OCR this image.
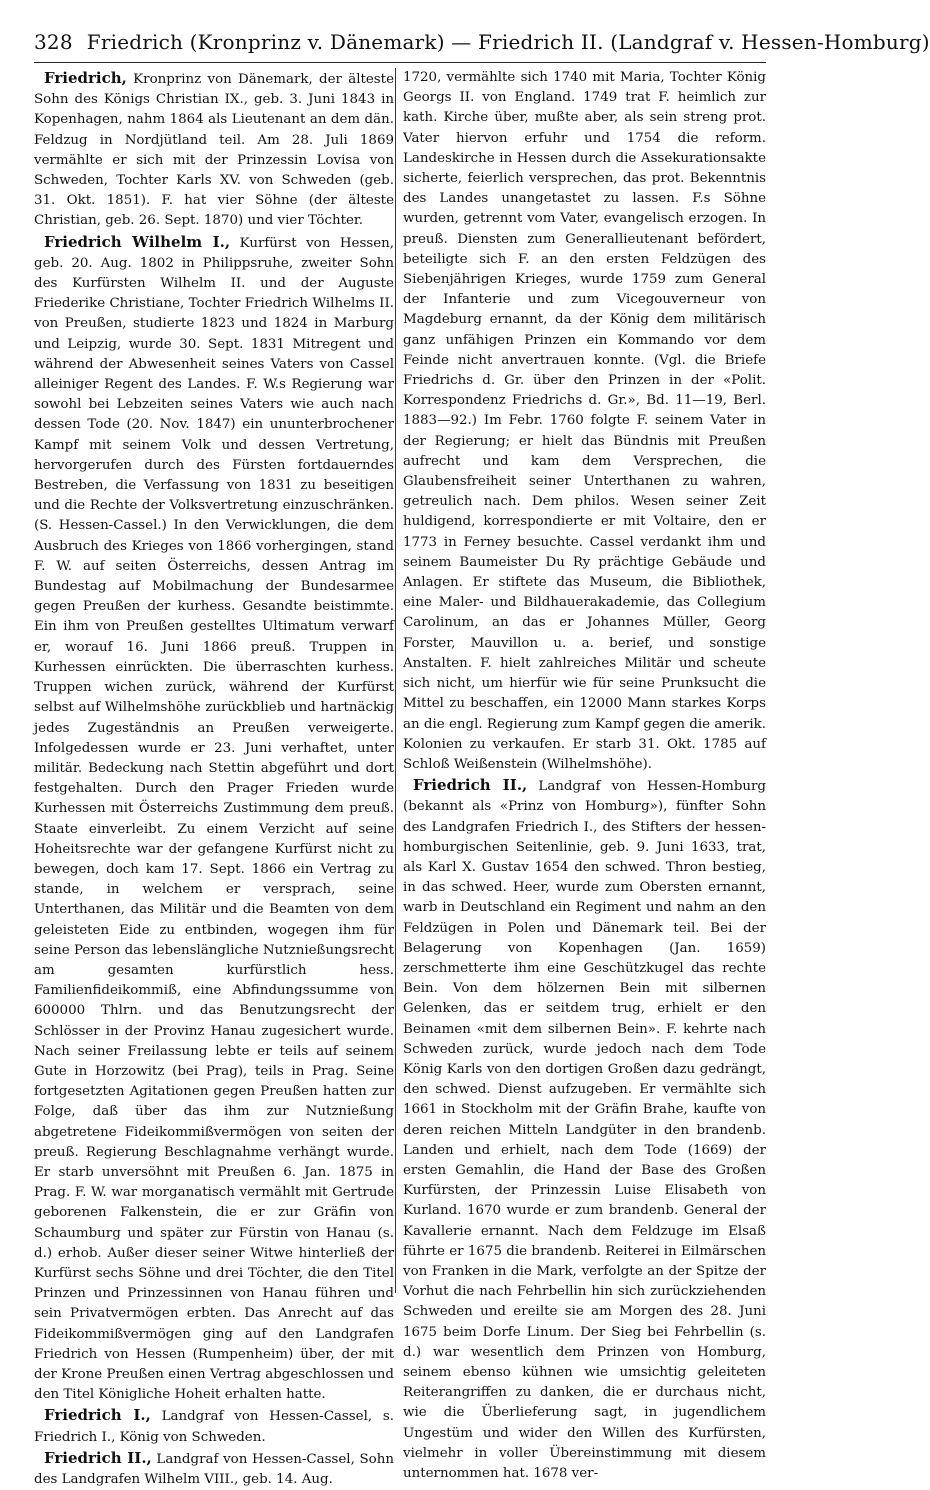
328 Friedrich (Kronprinz v. Dänemark) — Friedrich II. (Landgraf v. Hessen-Homburg)

Friedrich, Kronprinz von Dänemark, der älteste Sohn des Königs Christian IX., geb. 3. Juni 1843 in Kopenhagen, nahm 1864 als Lieutenant an dem dän. Feldzug in Nordjütland teil. Am 28. Juli 1869 vermählte er sich mit der Prinzessin Lovisa von Schweden, Tochter Karls XV. von Schweden (geb. 31. Okt. 1851). F. hat vier Söhne (der älteste Christian, geb. 26. Sept. 1870) und vier Töchter.

Friedrich Wilhelm I., Kurfürst von Hessen, geb. 20. Aug. 1802 in Philippsruhe, zweiter Sohn des Kurfürsten Wilhelm II. und der Auguste Friederike Christiane, Tochter Friedrich Wilhelms II. von Preußen, studierte 1823 und 1824 in Marburg und Leipzig, wurde 30. Sept. 1831 Mitregent und während der Abwesenheit seines Vaters von Cassel alleiniger Regent des Landes. F. W.s Regierung war sowohl bei Lebzeiten seines Vaters wie auch nach dessen Tode (20. Nov. 1847) ein ununterbrochener Kampf mit seinem Volk und dessen Vertretung, hervorgerufen durch des Fürsten fortdauerndes Bestreben, die Verfassung von 1831 zu beseitigen und die Rechte der Volksvertretung einzuschränken. (S. Hessen-Cassel.) In den Verwicklungen, die dem Ausbruch des Krieges von 1866 vorhergingen, stand F. W. auf seiten Österreichs, dessen Antrag im Bundestag auf Mobilmachung der Bundesarmee gegen Preußen der kurhess. Gesandte beistimmte. Ein ihm von Preußen gestelltes Ultimatum verwarf er, worauf 16. Juni 1866 preuß. Truppen in Kurhessen einrückten. Die überraschten kurhess. Truppen wichen zurück, während der Kurfürst selbst auf Wilhelmshöhe zurückblieb und hartnäckig jedes Zugeständnis an Preußen verweigerte. Infolgedessen wurde er 23. Juni verhaftet, unter militär. Bedeckung nach Stettin abgeführt und dort festgehalten. Durch den Prager Frieden wurde Kurhessen mit Österreichs Zustimmung dem preuß. Staate einverleibt. Zu einem Verzicht auf seine Hoheitsrechte war der gefangene Kurfürst nicht zu bewegen, doch kam 17. Sept. 1866 ein Vertrag zu stande, in welchem er versprach, seine Unterthanen, das Militär und die Beamten von dem geleisteten Eide zu entbinden, wogegen ihm für seine Person das lebenslängliche Nutznießungsrecht am gesamten kurfürstlich hess. Familienfideikommiß, eine Abfindungssumme von 600000 Thlrn. und das Benutzungsrecht der Schlösser in der Provinz Hanau zugesichert wurde. Nach seiner Freilassung lebte er teils auf seinem Gute in Horzowitz (bei Prag), teils in Prag. Seine fortgesetzten Agitationen gegen Preußen hatten zur Folge, daß über das ihm zur Nutznießung abgetretene Fideikommißvermögen von seiten der preuß. Regierung Beschlagnahme verhängt wurde. Er starb unversöhnt mit Preußen 6. Jan. 1875 in Prag. F. W. war morganatisch vermählt mit Gertrude geborenen Falkenstein, die er zur Gräfin von Schaumburg und später zur Fürstin von Hanau (s. d.) erhob. Außer dieser seiner Witwe hinterließ der Kurfürst sechs Söhne und drei Töchter, die den Titel Prinzen und Prinzessinnen von Hanau führen und sein Privatvermögen erbten. Das Anrecht auf das Fideikommißvermögen ging auf den Landgrafen Friedrich von Hessen (Rumpenheim) über, der mit der Krone Preußen einen Vertrag abgeschlossen und den Titel Königliche Hoheit erhalten hatte.

Friedrich I., Landgraf von Hessen-Cassel, s. Friedrich I., König von Schweden.

Friedrich II., Landgraf von Hessen-Cassel, Sohn des Landgrafen Wilhelm VIII., geb. 14. Aug.

1720, vermählte sich 1740 mit Maria, Tochter König Georgs II. von England. 1749 trat F. heimlich zur kath. Kirche über, mußte aber, als sein streng prot. Vater hiervon erfuhr und 1754 die reform. Landeskirche in Hessen durch die Assekurationsakte sicherte, feierlich versprechen, das prot. Bekenntnis des Landes unangetastet zu lassen. F.s Söhne wurden, getrennt vom Vater, evangelisch erzogen. In preuß. Diensten zum Generallieutenant befördert, beteiligte sich F. an den ersten Feldzügen des Siebenjährigen Krieges, wurde 1759 zum General der Infanterie und zum Vicegouverneur von Magdeburg ernannt, da der König dem militärisch ganz unfähigen Prinzen ein Kommando vor dem Feinde nicht anvertrauen konnte. (Vgl. die Briefe Friedrichs d. Gr. über den Prinzen in der «Polit. Korrespondenz Friedrichs d. Gr.», Bd. 11—19, Berl. 1883—92.) Im Febr. 1760 folgte F. seinem Vater in der Regierung; er hielt das Bündnis mit Preußen aufrecht und kam dem Versprechen, die Glaubensfreiheit seiner Unterthanen zu wahren, getreulich nach. Dem philos. Wesen seiner Zeit huldigend, korrespondierte er mit Voltaire, den er 1773 in Ferney besuchte. Cassel verdankt ihm und seinem Baumeister Du Ry prächtige Gebäude und Anlagen. Er stiftete das Museum, die Bibliothek, eine Maler- und Bildhauerakademie, das Collegium Carolinum, an das er Johannes Müller, Georg Forster, Mauvillon u. a. berief, und sonstige Anstalten. F. hielt zahlreiches Militär und scheute sich nicht, um hierfür wie für seine Prunksucht die Mittel zu beschaffen, ein 12000 Mann starkes Korps an die engl. Regierung zum Kampf gegen die amerik. Kolonien zu verkaufen. Er starb 31. Okt. 1785 auf Schloß Weißenstein (Wilhelmshöhe).

Friedrich II., Landgraf von Hessen-Homburg (bekannt als «Prinz von Homburg»), fünfter Sohn des Landgrafen Friedrich I., des Stifters der hessen-homburgischen Seitenlinie, geb. 9. Juni 1633, trat, als Karl X. Gustav 1654 den schwed. Thron bestieg, in das schwed. Heer, wurde zum Obersten ernannt, warb in Deutschland ein Regiment und nahm an den Feldzügen in Polen und Dänemark teil. Bei der Belagerung von Kopenhagen (Jan. 1659) zerschmetterte ihm eine Geschützkugel das rechte Bein. Von dem hölzernen Bein mit silbernen Gelenken, das er seitdem trug, erhielt er den Beinamen «mit dem silbernen Bein». F. kehrte nach Schweden zurück, wurde jedoch nach dem Tode König Karls von den dortigen Großen dazu gedrängt, den schwed. Dienst aufzugeben. Er vermählte sich 1661 in Stockholm mit der Gräfin Brahe, kaufte von deren reichen Mitteln Landgüter in den brandenb. Landen und erhielt, nach dem Tode (1669) der ersten Gemahlin, die Hand der Base des Großen Kurfürsten, der Prinzessin Luise Elisabeth von Kurland. 1670 wurde er zum brandenb. General der Kavallerie ernannt. Nach dem Feldzuge im Elsaß führte er 1675 die brandenb. Reiterei in Eilmärschen von Franken in die Mark, verfolgte an der Spitze der Vorhut die nach Fehrbellin hin sich zurückziehenden Schweden und ereilte sie am Morgen des 28. Juni 1675 beim Dorfe Linum. Der Sieg bei Fehrbellin (s. d.) war wesentlich dem Prinzen von Homburg, seinem ebenso kühnen wie umsichtig geleiteten Reiterangriffen zu danken, die er durchaus nicht, wie die Überlieferung sagt, in jugendlichem Ungestüm und wider den Willen des Kurfürsten, vielmehr in voller Übereinstimmung mit diesem unternommen hat. 1678 ver-
